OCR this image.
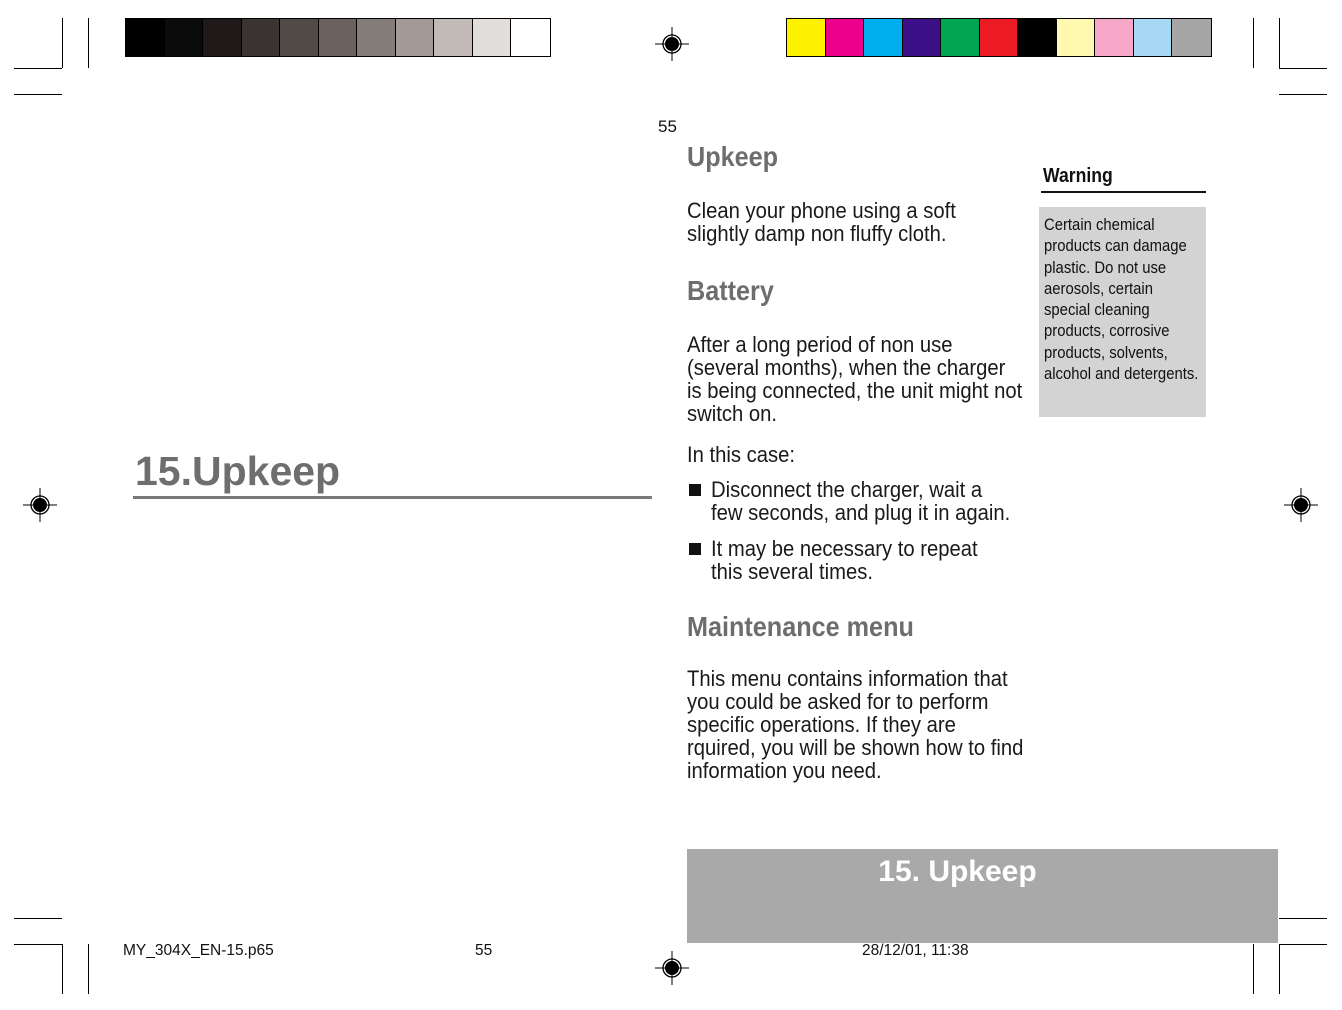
15.Upkeep
55
Upkeep

Clean your phone using a soft slightly damp non fluffy cloth.

Battery

After a long period of non use (several months), when the charger is being connected, the unit might not switch on.

In this case:

Disconnect the charger, wait a few seconds, and plug it in again.
It may be necessary to repeat this several times.
Maintenance menu

This menu contains information that you could be asked for to perform specific operations. If they are rquired, you will be shown how to find information you need.

Warning
Certain chemical products can damage plastic. Do not use aerosols, certain special cleaning products, corrosive products, solvents, alcohol and detergents.
15. Upkeep
MY_304X_EN-15.p65	55	28/12/01, 11:38
